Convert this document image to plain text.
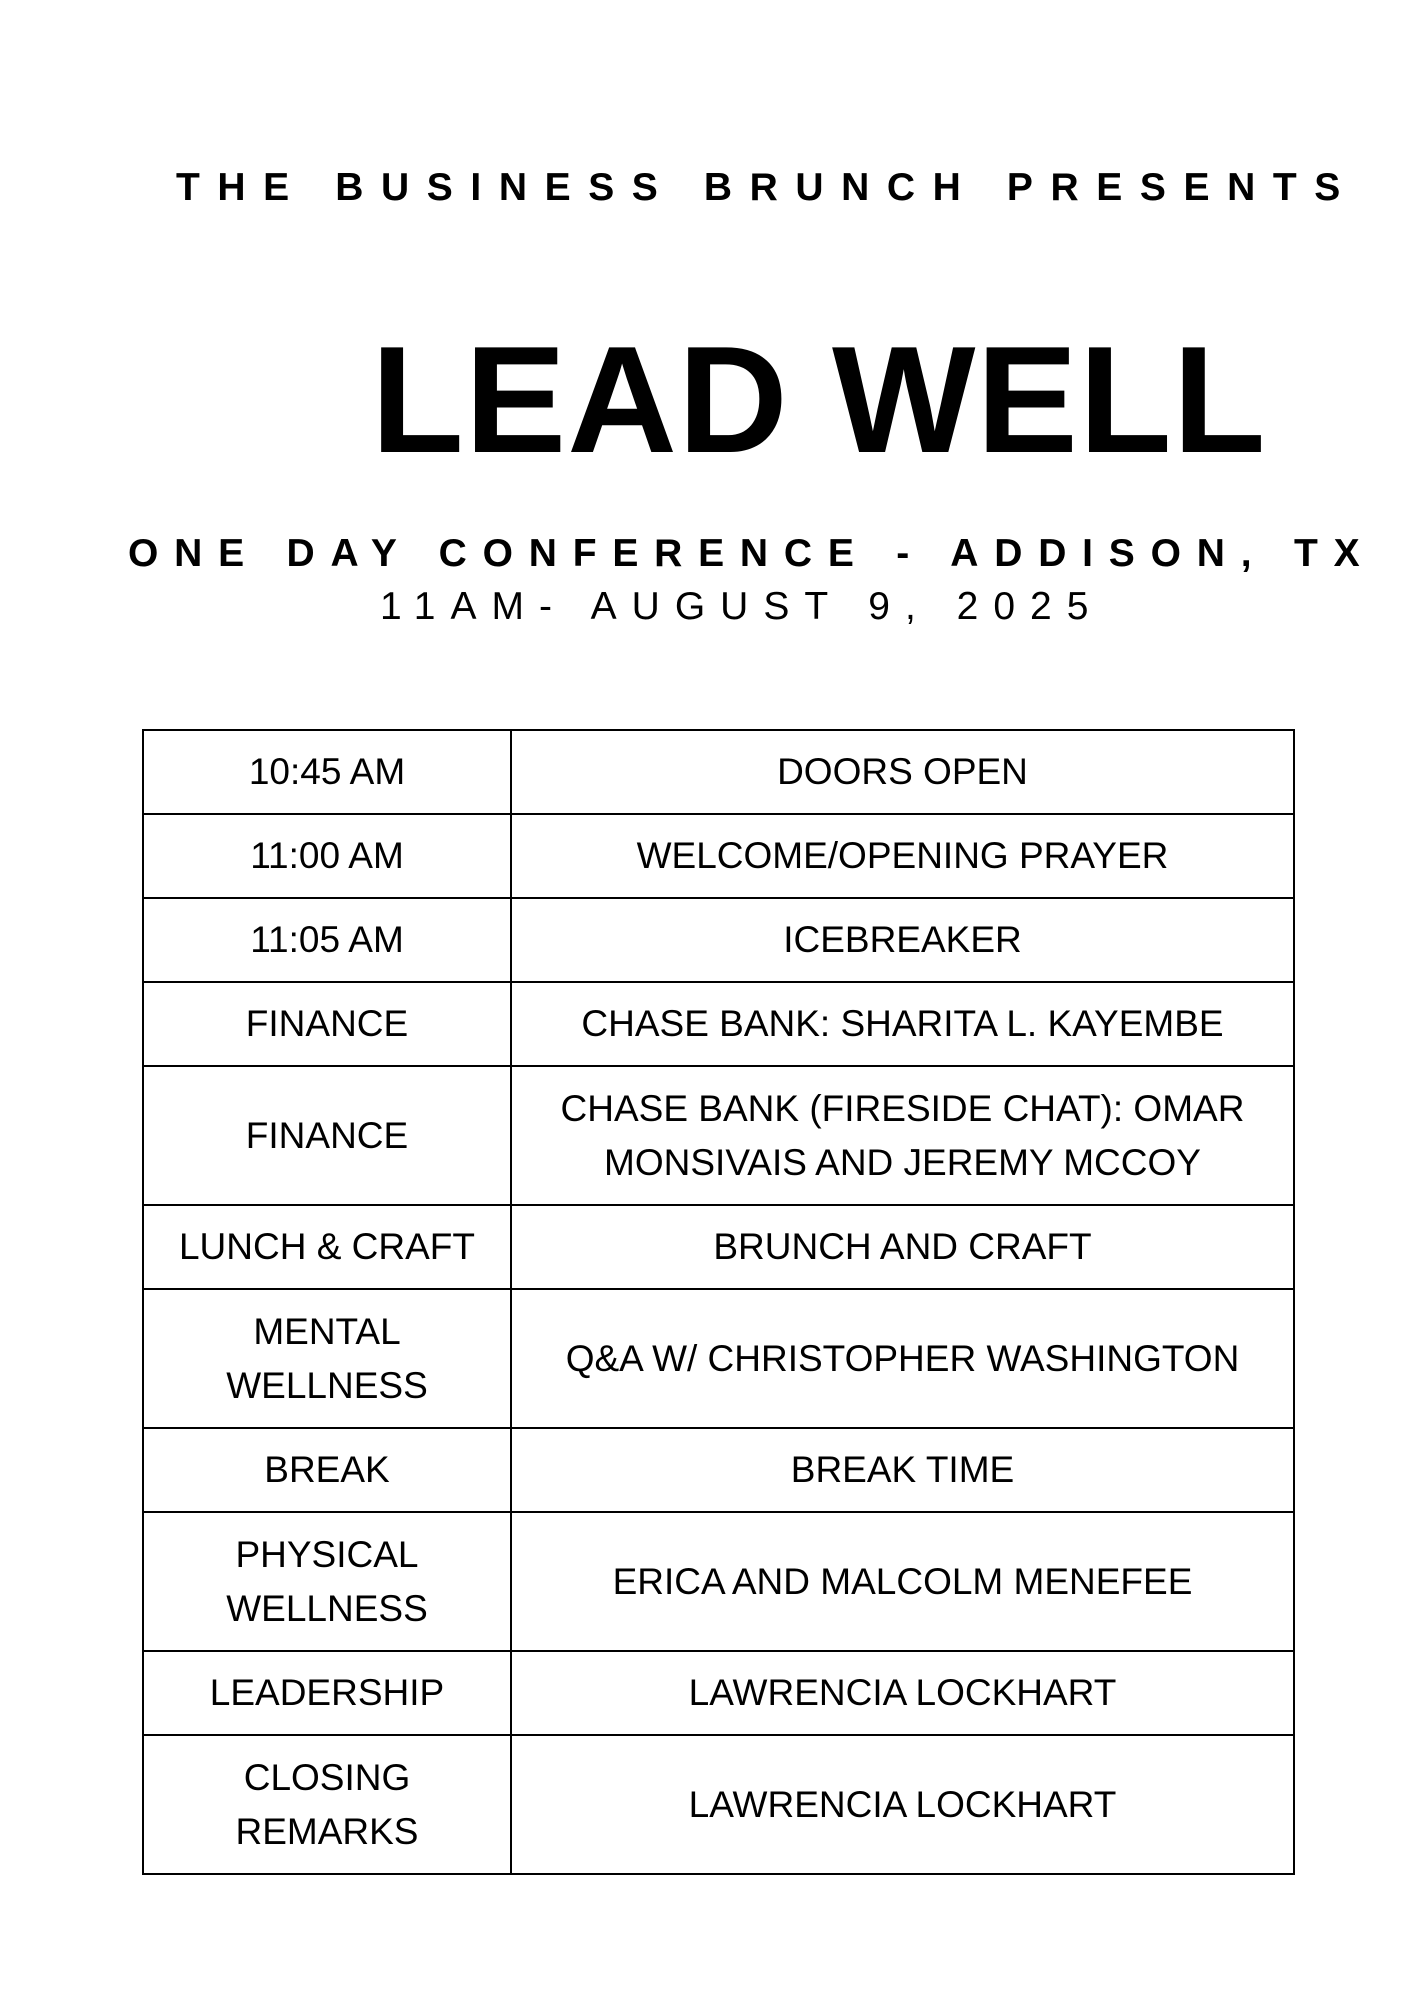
THE BUSINESS BRUNCH PRESENTS
LEAD WELL
ONE DAY CONFERENCE - ADDISON, TX
11AM- AUGUST 9, 2025
10:45 AM	DOORS OPEN
11:00 AM	WELCOME/OPENING PRAYER
11:05 AM	ICEBREAKER
FINANCE	CHASE BANK: SHARITA L. KAYEMBE
FINANCE	CHASE BANK (FIRESIDE CHAT): OMAR MONSIVAIS AND JEREMY MCCOY
LUNCH & CRAFT	BRUNCH AND CRAFT
MENTAL WELLNESS	Q&A W/ CHRISTOPHER WASHINGTON
BREAK	BREAK TIME
PHYSICAL WELLNESS	ERICA AND MALCOLM MENEFEE
LEADERSHIP	LAWRENCIA LOCKHART
CLOSING REMARKS	LAWRENCIA LOCKHART
